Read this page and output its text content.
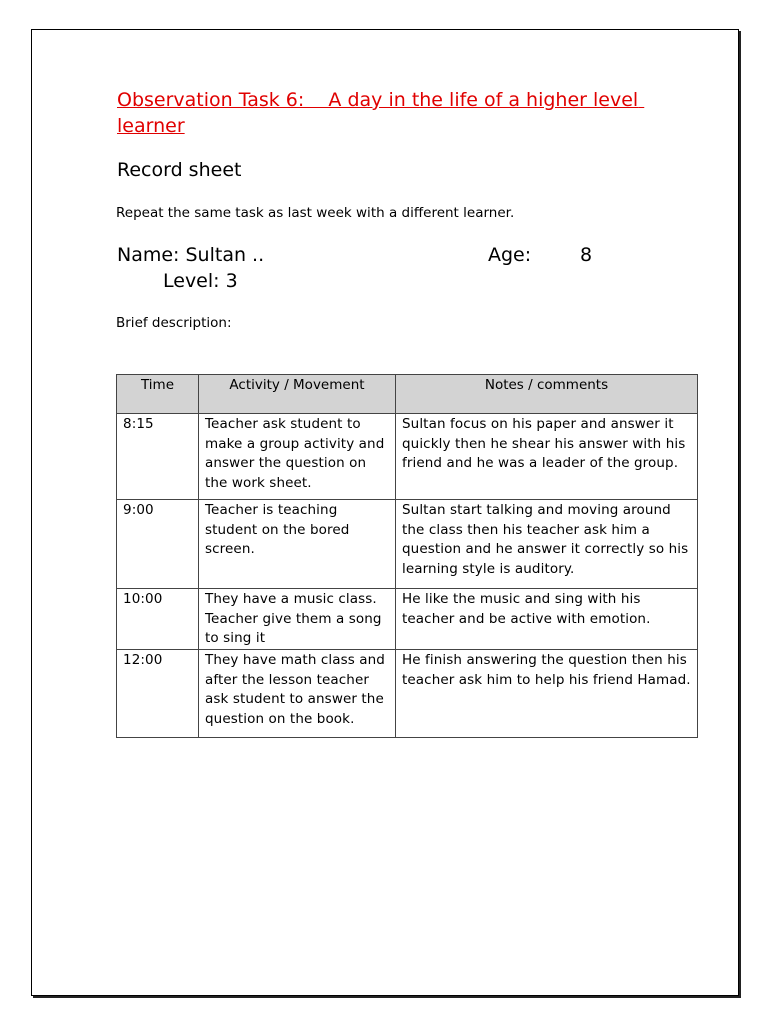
Observation Task 6:    A day in the life of a higher level learner
Record sheet
Repeat the same task as last week with a different learner.
Name: Sultan ..	Age:	8
Level: 3
Brief description:
Time	Activity / Movement	Notes / comments

8:15	Teacher ask student to make a group activity and answer the question on the work sheet.	Sultan focus on his paper and answer it quickly then he shear his answer with his friend and he was a leader of the group.

9:00	Teacher is teaching student on the bored screen.	Sultan start talking and moving around the class then his teacher ask him a question and he answer it correctly so his learning style is auditory.

10:00	They have a music class. Teacher give them a song to sing it	He like the music and sing with his teacher and be active with emotion.

12:00	They have math class and after the lesson teacher ask student to answer the question on the book.	He finish answering the question then his teacher ask him to help his friend Hamad.
